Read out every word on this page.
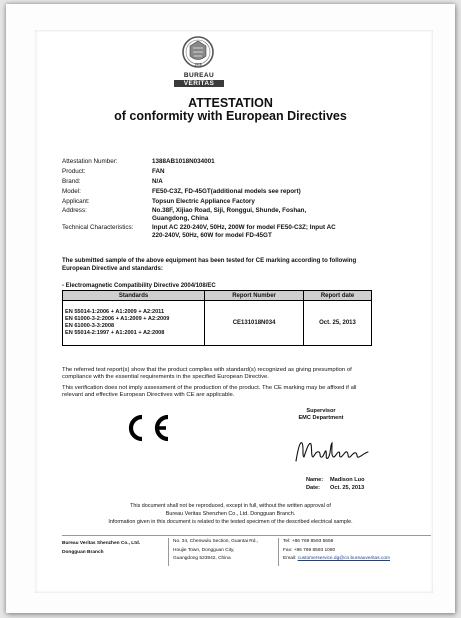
1828
BUREAU
VERITAS
ATTESTATION
of conformity with European Directives
Attestation Number:	1388AB1018N034001
Product:	FAN
Brand:	N/A
Model:	FE50-C3Z, FD-45GT(additional models see report)
Applicant:	Topsun Electric Appliance Factory
Address:	No.38F, Xijiao Road, Siji, Ronggui, Shunde, Foshan, Guangdong, China
Technical Characteristics:	Input AC 220-240V, 50Hz, 200W for model FE50-C3Z; Input AC 220-240V, 50Hz, 60W for model FD-45GT
The submitted sample of the above equipment has been tested for CE marking according to following European Directive and standards:
- Electromagnetic Compatibility Directive 2004/108/EC
Standards	Report Number	Report date

EN 55014-1:2006 + A1:2009 + A2:2011
EN 61000-3-2:2006 + A1:2009 + A2:2009
EN 61000-3-3:2008
EN 55014-2:1997 + A1:2001 + A2:2008	CE131018N034	Oct. 25, 2013
The referred test report(s) show that the product complies with standard(s) recognized as giving presumption of compliance with the essential requirements in the specified European Directive.
This verification does not imply assessment of the production of the product. The CE marking may be affixed if all relevant and effective European Directives with CE are applicable.
Supervisor
EMC Department
Name: Madison Luo
Date: Oct. 25, 2013
This document shall not be reproduced, except in full, without the written approval of
Bureau Veritas Shenzhen Co., Ltd. Dongguan Branch.
Information given in this document is related to the tested specimen of the described electrical sample.
Bureau Veritas Shenzhen Co., Ltd.
Dongguan Branch
No. 34, Chenwulu Section, Guantai Rd.,
Houjie Town, Dongguan City,
Guangdong 523942, China
Tel: +86 769 8593 5656
Fax: +86 769 8593 1080
Email: customerservice.dg@cn.bureauveritas.com
